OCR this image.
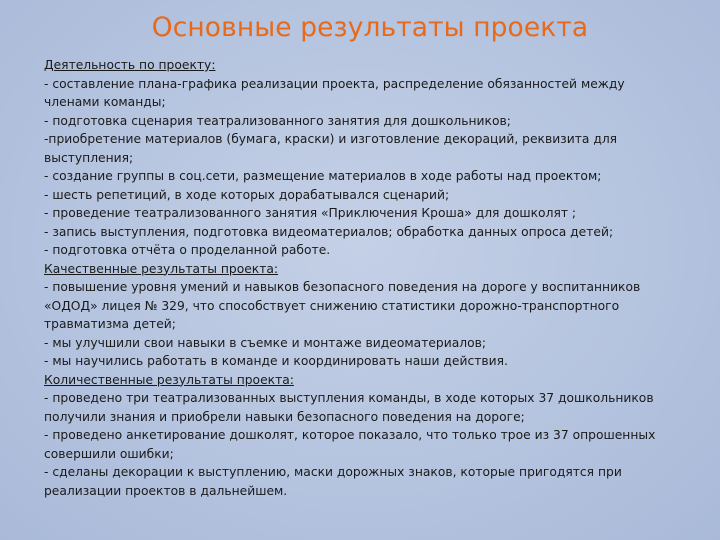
Основные результаты проекта
Деятельность по проекту:
- составление плана-графика реализации проекта, распределение обязанностей между
членами команды;
- подготовка сценария театрализованного занятия для дошкольников;
-приобретение материалов (бумага, краски) и изготовление декораций, реквизита для
выступления;
- создание группы в соц.сети, размещение материалов в ходе работы над проектом;
- шесть репетиций, в ходе которых дорабатывался сценарий;
- проведение театрализованного занятия «Приключения Кроша» для дошколят ;
- запись выступления, подготовка видеоматериалов; обработка данных опроса детей;
- подготовка отчёта о проделанной работе.
Качественные результаты проекта:
- повышение уровня умений и навыков безопасного поведения на дороге у воспитанников
«ОДОД» лицея № 329, что способствует снижению статистики дорожно-транспортного
травматизма детей;
- мы улучшили свои навыки в съемке и монтаже видеоматериалов;
- мы научились работать в команде и координировать наши действия.
Количественные результаты проекта:
- проведено три театрализованных выступления команды, в ходе которых 37 дошкольников
получили знания и приобрели навыки безопасного поведения на дороге;
- проведено анкетирование дошколят, которое показало, что только трое из 37 опрошенных
совершили ошибки;
- сделаны декорации к выступлению, маски дорожных знаков, которые пригодятся при
реализации проектов в дальнейшем.
